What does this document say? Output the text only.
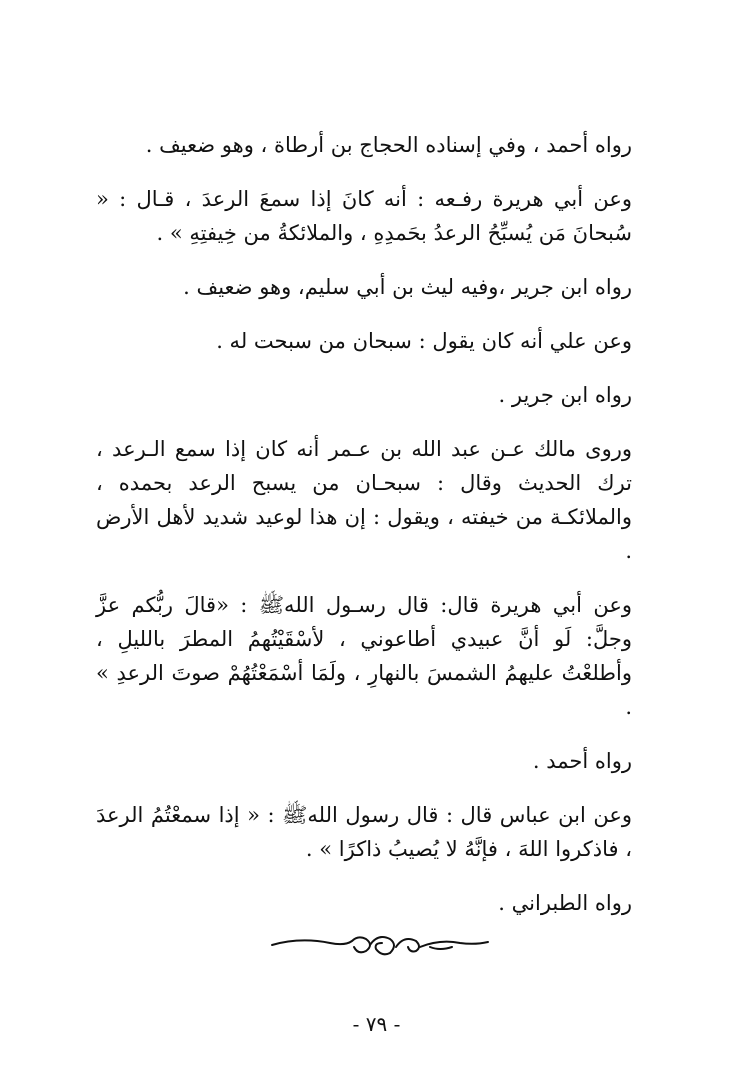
رواه أحمد ، وفي إسناده الحجاج بن أرطاة ، وهو ضعيف .

وعن أبي هريرة رفـعه : أنه كانَ إذا سمعَ الرعدَ ، قـال : « سُبحانَ مَن يُسبِّحُ الرعدُ بحَمدِهِ ، والملائكةُ من خِيفتِهِ » .

رواه ابن جرير ،وفيه ليث بن أبي سليم، وهو ضعيف .

وعن علي أنه كان يقول : سبحان من سبحت له .

رواه ابن جرير .

وروى مالك عـن عبد الله بن عـمر أنه كان إذا سمع الـرعد ، ترك الحديث وقال : سبحـان من يسبح الرعد بحمده ، والملائكـة من خيفته ، ويقول : إن هذا لوعيد شديد لأهل الأرض .

وعن أبي هريرة قال: قال رسـول اللهﷺ : «قالَ ربُّكم عزَّ وجلَّ: لَو أنَّ عبيدي أطاعوني ، لأسْقَيْتُهمُ المطرَ بالليلِ ، وأطلعْتُ عليهمُ الشمسَ بالنهارِ ، ولَمَا أسْمَعْتُهُمْ صوتَ الرعدِ » .

رواه أحمد .

وعن ابن عباس قال : قال رسول اللهﷺ : « إذا سمعْتُمُ الرعدَ ، فاذكروا اللهَ ، فإنَّهُ لا يُصيبُ ذاكرًا » .

رواه الطبراني .

- ٧٩ -
